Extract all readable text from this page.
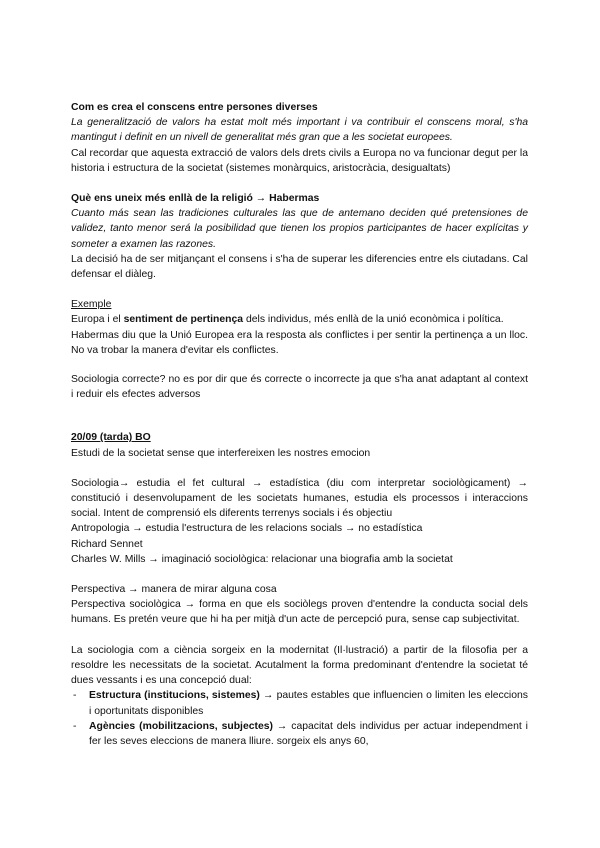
Com es crea el conscens entre persones diverses

La generalització de valors ha estat molt més important i va contribuir el conscens moral, s'ha mantingut i definit en un nivell de generalitat més gran que a les societat europees.

Cal recordar que aquesta extracció de valors dels drets civils a Europa no va funcionar degut per la historia i estructura de la societat (sistemes monàrquics, aristocràcia, desigualtats)

Què ens uneix més enllà de la religió → Habermas

Cuanto más sean las tradiciones culturales las que de antemano deciden qué pretensiones de validez, tanto menor será la posibilidad que tienen los propios participantes de hacer explícitas y someter a examen las razones.

La decisió ha de ser mitjançant el consens i s'ha de superar les diferencies entre els ciutadans. Cal defensar el diàleg.

Exemple

Europa i el sentiment de pertinença dels individus, més enllà de la unió econòmica i política.

Habermas diu que la Unió Europea era la resposta als conflictes i per sentir la pertinença a un lloc. No va trobar la manera d'evitar els conflictes.

Sociologia correcte? no es por dir que és correcte o incorrecte ja que s'ha anat adaptant al context i reduir els efectes adversos

20/09 (tarda) BO

Estudi de la societat sense que interfereixen les nostres emocion

Sociologia→ estudia el fet cultural → estadística (diu com interpretar sociològicament) → constitució i desenvolupament de les societats humanes, estudia els processos i interaccions social. Intent de comprensió els diferents terrenys socials i és objectiu

Antropologia → estudia l'estructura de les relacions socials → no estadística

Richard Sennet

Charles W. Mills → imaginació sociològica: relacionar una biografia amb la societat

Perspectiva → manera de mirar alguna cosa

Perspectiva sociològica → forma en que els sociòlegs proven d'entendre la conducta social dels humans. Es pretén veure que hi ha per mitjà d'un acte de percepció pura, sense cap subjectivitat.

La sociologia com a ciència sorgeix en la modernitat (Il·lustració) a partir de la filosofia per a resoldre les necessitats de la societat. Acutalment la forma predominant d'entendre la societat té dues vessants i es una concepció dual:

- Estructura (institucions, sistemes) → pautes estables que influencien o limiten les eleccions i oportunitats disponibles
- Agències (mobilitzacions, subjectes) → capacitat dels individus per actuar independment i fer les seves eleccions de manera lliure. sorgeix els anys 60,
